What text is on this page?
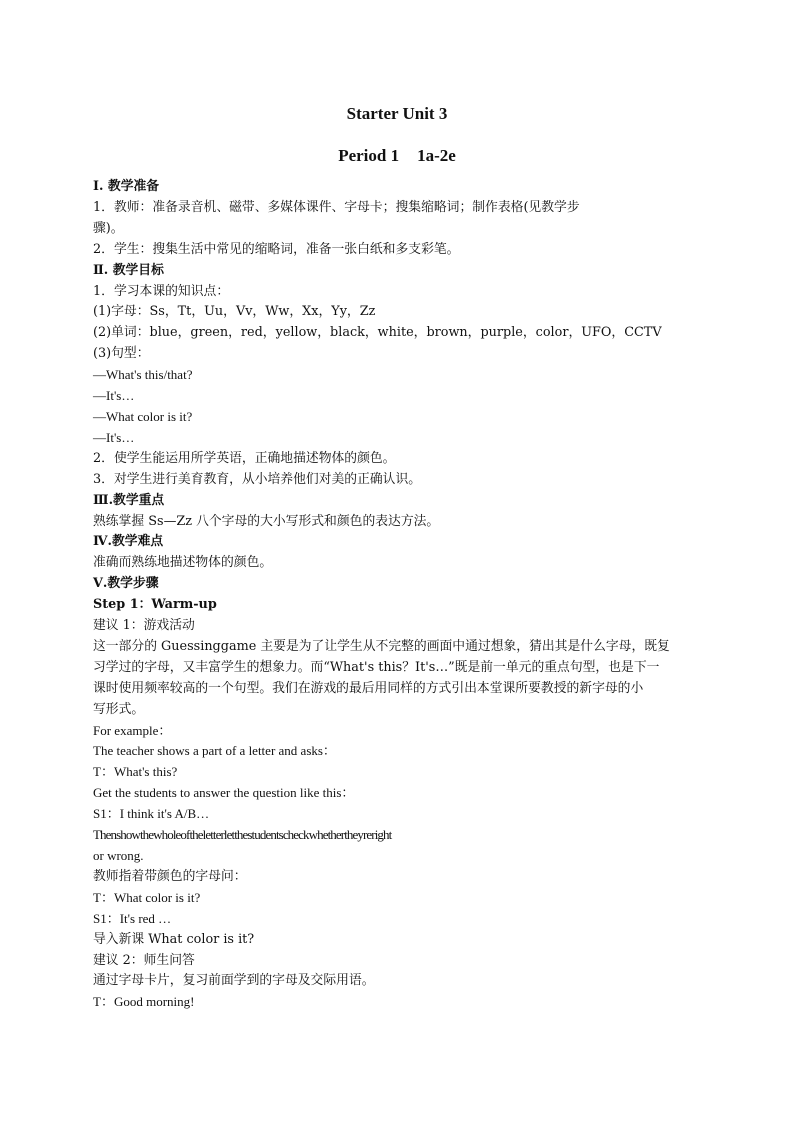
Starter Unit 3
Period 1 1a-2e
Ⅰ. 教学准备
1．教师：准备录音机、磁带、多媒体课件、字母卡；搜集缩略词；制作表格(见教学步
骤)。
2．学生：搜集生活中常见的缩略词，准备一张白纸和多支彩笔。
Ⅱ. 教学目标
1．学习本课的知识点：
(1)字母：Ss，Tt，Uu，Vv，Ww，Xx，Yy，Zz
(2)单词：blue，green，red，yellow，black，white，brown，purple，color，UFO，CCTV
(3)句型：
—What's this/that?
—It's…
—What color is it?
—It's…
2．使学生能运用所学英语，正确地描述物体的颜色。
3．对学生进行美育教育，从小培养他们对美的正确认识。
Ⅲ.教学重点
熟练掌握 Ss—Zz 八个字母的大小写形式和颜色的表达方法。
Ⅳ.教学难点
准确而熟练地描述物体的颜色。
Ⅴ.教学步骤
Step 1：Warm-up
建议 1：游戏活动
这一部分的 Guessinggame 主要是为了让学生从不完整的画面中通过想象，猜出其是什么字母，既复
习学过的字母，又丰富学生的想象力。而“What's this？It's…”既是前一单元的重点句型，也是下一
课时使用频率较高的一个句型。我们在游戏的最后用同样的方式引出本堂课所要教授的新字母的小
写形式。
For example：
The teacher shows a part of a letter and asks：
T：What's this?
Get the students to answer the question like this：
S1：I think it's A/B…
Thenshowthewholeoftheletterletthestudentscheckwhethertheyreright
or wrong.
教师指着带颜色的字母问：
T：What color is it?
S1：It's red …
导入新课 What color is it?
建议 2：师生问答
通过字母卡片，复习前面学到的字母及交际用语。
T：Good morning!
